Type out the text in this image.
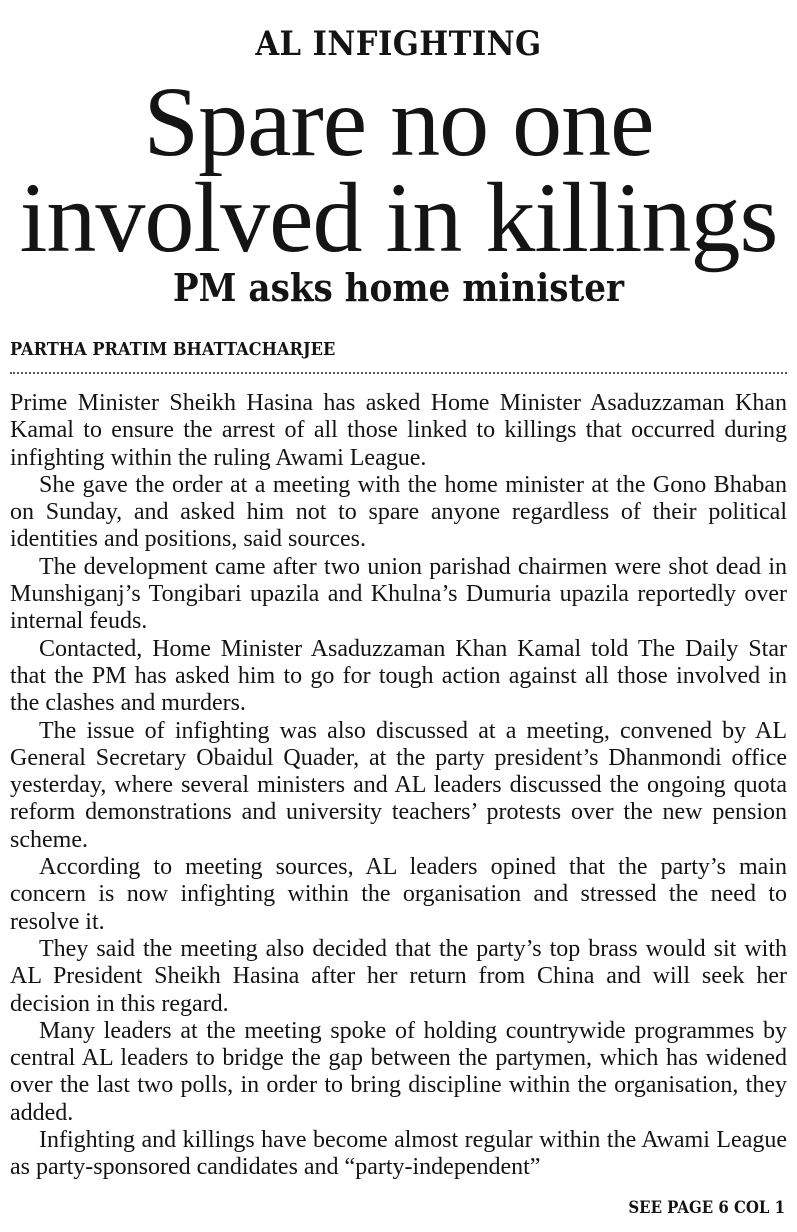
AL INFIGHTING
Spare no one
involved in killings
PM asks home minister
PARTHA PRATIM BHATTACHARJEE

Prime Minister Sheikh Hasina has asked Home Minister Asaduzzaman Khan Kamal to ensure the arrest of all those linked to killings that occurred during infighting within the ruling Awami League.

She gave the order at a meeting with the home minister at the Gono Bhaban on Sunday, and asked him not to spare anyone regardless of their political identities and positions, said sources.

The development came after two union parishad chairmen were shot dead in Munshiganj’s Tongibari upazila and Khulna’s Dumuria upazila reportedly over internal feuds.

Contacted, Home Minister Asaduzzaman Khan Kamal told The Daily Star that the PM has asked him to go for tough action against all those involved in the clashes and murders.

The issue of infighting was also discussed at a meeting, convened by AL General Secretary Obaidul Quader, at the party president’s Dhanmondi office yesterday, where several ministers and AL leaders discussed the ongoing quota reform demonstrations and university teachers’ protests over the new pension scheme.

According to meeting sources, AL leaders opined that the party’s main concern is now infighting within the organisation and stressed the need to resolve it.

They said the meeting also decided that the party’s top brass would sit with AL President Sheikh Hasina after her return from China and will seek her decision in this regard.

Many leaders at the meeting spoke of holding countrywide programmes by central AL leaders to bridge the gap between the partymen, which has widened over the last two polls, in order to bring discipline within the organisation, they added.

Infighting and killings have become almost regular within the Awami League as party-sponsored candidates and “party-independent”

SEE PAGE 6 COL 1
